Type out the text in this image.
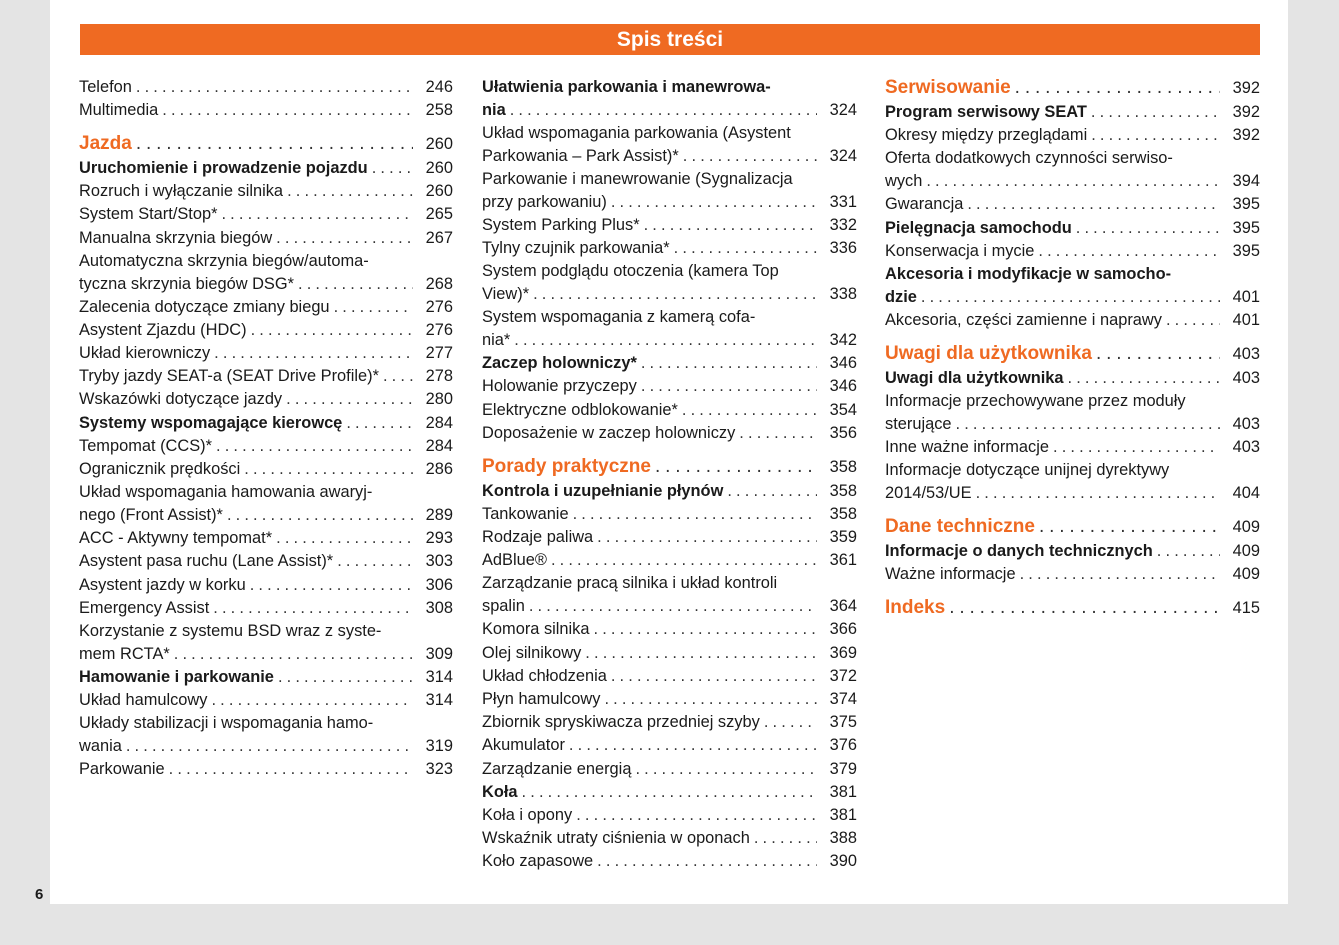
Spis treści
Telefon . . .	246
Multimedia . . .	258
Jazda . . .	260
Uruchomienie i prowadzenie pojazdu . . .	260
Rozruch i wyłączanie silnika . . .	260
System Start/Stop* . . .	265
Manualna skrzynia biegów . . .	267
Automatyczna skrzynia biegów/automa-
tyczna skrzynia biegów DSG* . . .	268
Zalecenia dotyczące zmiany biegu . . .	276
Asystent Zjazdu (HDC) . . .	276
Układ kierowniczy . . .	277
Tryby jazdy SEAT-a (SEAT Drive Profile)* . . .	278
Wskazówki dotyczące jazdy . . .	280
Systemy wspomagające kierowcę . . .	284
Tempomat (CCS)* . . .	284
Ogranicznik prędkości . . .	286
Układ wspomagania hamowania awaryj-
nego (Front Assist)* . . .	289
ACC - Aktywny tempomat* . . .	293
Asystent pasa ruchu (Lane Assist)* . . .	303
Asystent jazdy w korku . . .	306
Emergency Assist . . .	308
Korzystanie z systemu BSD wraz z syste-
mem RCTA* . . .	309
Hamowanie i parkowanie . . .	314
Układ hamulcowy . . .	314
Układy stabilizacji i wspomagania hamo-
wania . . .	319
Parkowanie . . .	323
Ułatwienia parkowania i manewrowa-
nia . . .	324
Układ wspomagania parkowania (Asystent
Parkowania – Park Assist)* . . .	324
Parkowanie i manewrowanie (Sygnalizacja
przy parkowaniu) . . .	331
System Parking Plus* . . .	332
Tylny czujnik parkowania* . . .	336
System podglądu otoczenia (kamera Top
View)* . . .	338
System wspomagania z kamerą cofa-
nia* . . .	342
Zaczep holowniczy* . . .	346
Holowanie przyczepy . . .	346
Elektryczne odblokowanie* . . .	354
Doposażenie w zaczep holowniczy . . .	356
Porady praktyczne . . .	358
Kontrola i uzupełnianie płynów . . .	358
Tankowanie . . .	358
Rodzaje paliwa . . .	359
AdBlue® . . .	361
Zarządzanie pracą silnika i układ kontroli
spalin . . .	364
Komora silnika . . .	366
Olej silnikowy . . .	369
Układ chłodzenia . . .	372
Płyn hamulcowy . . .	374
Zbiornik spryskiwacza przedniej szyby . . .	375
Akumulator . . .	376
Zarządzanie energią . . .	379
Koła . . .	381
Koła i opony . . .	381
Wskaźnik utraty ciśnienia w oponach . . .	388
Koło zapasowe . . .	390
Serwisowanie . . .	392
Program serwisowy SEAT . . .	392
Okresy między przeglądami . . .	392
Oferta dodatkowych czynności serwiso-
wych . . .	394
Gwarancja . . .	395
Pielęgnacja samochodu . . .	395
Konserwacja i mycie . . .	395
Akcesoria i modyfikacje w samocho-
dzie . . .	401
Akcesoria, części zamienne i naprawy . . .	401
Uwagi dla użytkownika . . .	403
Uwagi dla użytkownika . . .	403
Informacje przechowywane przez moduły
sterujące . . .	403
Inne ważne informacje . . .	403
Informacje dotyczące unijnej dyrektywy
2014/53/UE . . .	404
Dane techniczne . . .	409
Informacje o danych technicznych . . .	409
Ważne informacje . . .	409
Indeks . . .	415
6
